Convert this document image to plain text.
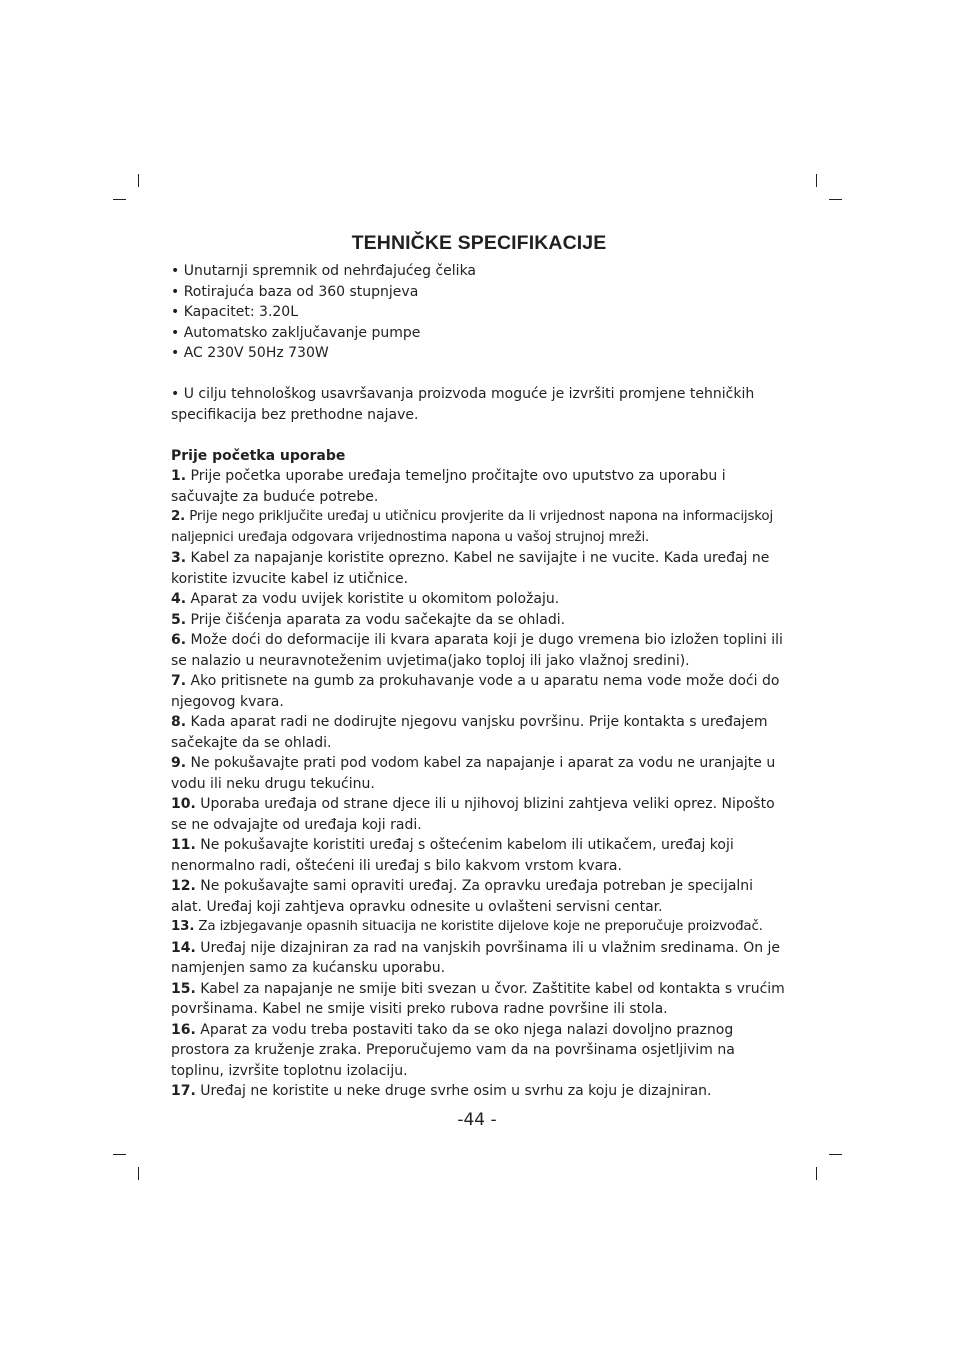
TEHNIČKE SPECIFIKACIJE

• Unutarnji spremnik od nehrđajućeg čelika

• Rotirajuća baza od 360 stupnjeva

• Kapacitet: 3.20L

• Automatsko zaključavanje pumpe

• AC 230V 50Hz 730W

• U cilju tehnološkog usavršavanja proizvoda moguće je izvršiti promjene tehničkih specifikacija bez prethodne najave.

Prije početka uporabe

1. Prije početka uporabe uređaja temeljno pročitajte ovo uputstvo za uporabu i sačuvajte za buduće potrebe.

2. Prije nego priključite uređaj u utičnicu provjerite da li vrijednost napona na informacijskoj naljepnici uređaja odgovara vrijednostima napona u vašoj strujnoj mreži.

3. Kabel za napajanje koristite oprezno. Kabel ne savijajte i ne vucite. Kada uređaj ne koristite izvucite kabel iz utičnice.

4. Aparat za vodu uvijek koristite u okomitom položaju.

5. Prije čišćenja aparata za vodu sačekajte da se ohladi.

6. Može doći do deformacije ili kvara aparata koji je dugo vremena bio izložen toplini ili se nalazio u neuravnoteženim uvjetima(jako toploj ili jako vlažnoj sredini).

7. Ako pritisnete na gumb za prokuhavanje vode a u aparatu nema vode može doći do njegovog kvara.

8. Kada aparat radi ne dodirujte njegovu vanjsku površinu. Prije kontakta s uređajem sačekajte da se ohladi.

9. Ne pokušavajte prati pod vodom kabel za napajanje i aparat za vodu ne uranjajte u vodu ili neku drugu tekućinu.

10. Uporaba uređaja od strane djece ili u njihovoj blizini zahtjeva veliki oprez. Nipošto se ne odvajajte od uređaja koji radi.

11. Ne pokušavajte koristiti uređaj s oštećenim kabelom ili utikačem, uređaj koji nenormalno radi, oštećeni ili uređaj s bilo kakvom vrstom kvara.

12. Ne pokušavajte sami opraviti uređaj. Za opravku uređaja potreban je specijalni alat. Uređaj koji zahtjeva opravku odnesite u ovlašteni servisni centar.

13. Za izbjegavanje opasnih situacija ne koristite dijelove koje ne preporučuje proizvođač.

14. Uređaj nije dizajniran za rad na vanjskih površinama ili u vlažnim sredinama. On je namjenjen samo za kućansku uporabu.

15. Kabel za napajanje ne smije biti svezan u čvor. Zaštitite kabel od kontakta s vrućim površinama. Kabel ne smije visiti preko rubova radne površine ili stola.

16. Aparat za vodu treba postaviti tako da se oko njega nalazi dovoljno praznog prostora za kruženje zraka. Preporučujemo vam da na površinama osjetljivim na toplinu, izvršite toplotnu izolaciju.

17. Uređaj ne koristite u neke druge svrhe osim u svrhu za koju je dizajniran.

-44 -
